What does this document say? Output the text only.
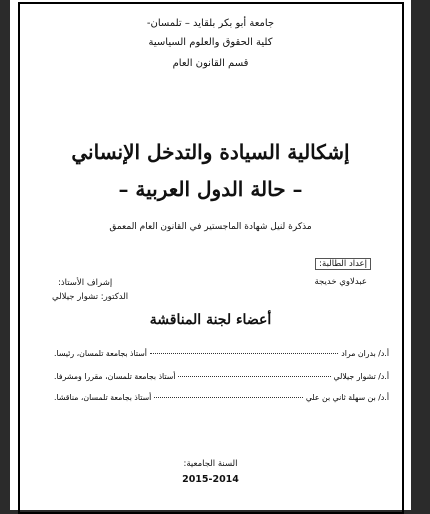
جامعة أبو بكر بلقايد – تلمسان-
كلية الحقوق والعلوم السياسية
قسم القانون العام
إشكالية السيادة والتدخل الإنساني
– حالة الدول العربية –
مذكرة لنيل شهادة الماجستير في القانون العام المعمق
إعداد الطالبة:
عبدلاوي خديجة
إشراف الأستاذ:
الدكتور: تشوار جيلالي
أعضاء لجنة المناقشة
أ.د/ بدران مراد
أستاذ بجامعة تلمسان، رئيسا.
أ.د/ تشوار جيلالي
أستاذ بجامعة تلمسان، مقررا ومشرفا.
أ.د/ بن سهلة ثاني بن علي
أستاذ بجامعة تلمسان، مناقشا.
السنة الجامعية:
2015-2014
